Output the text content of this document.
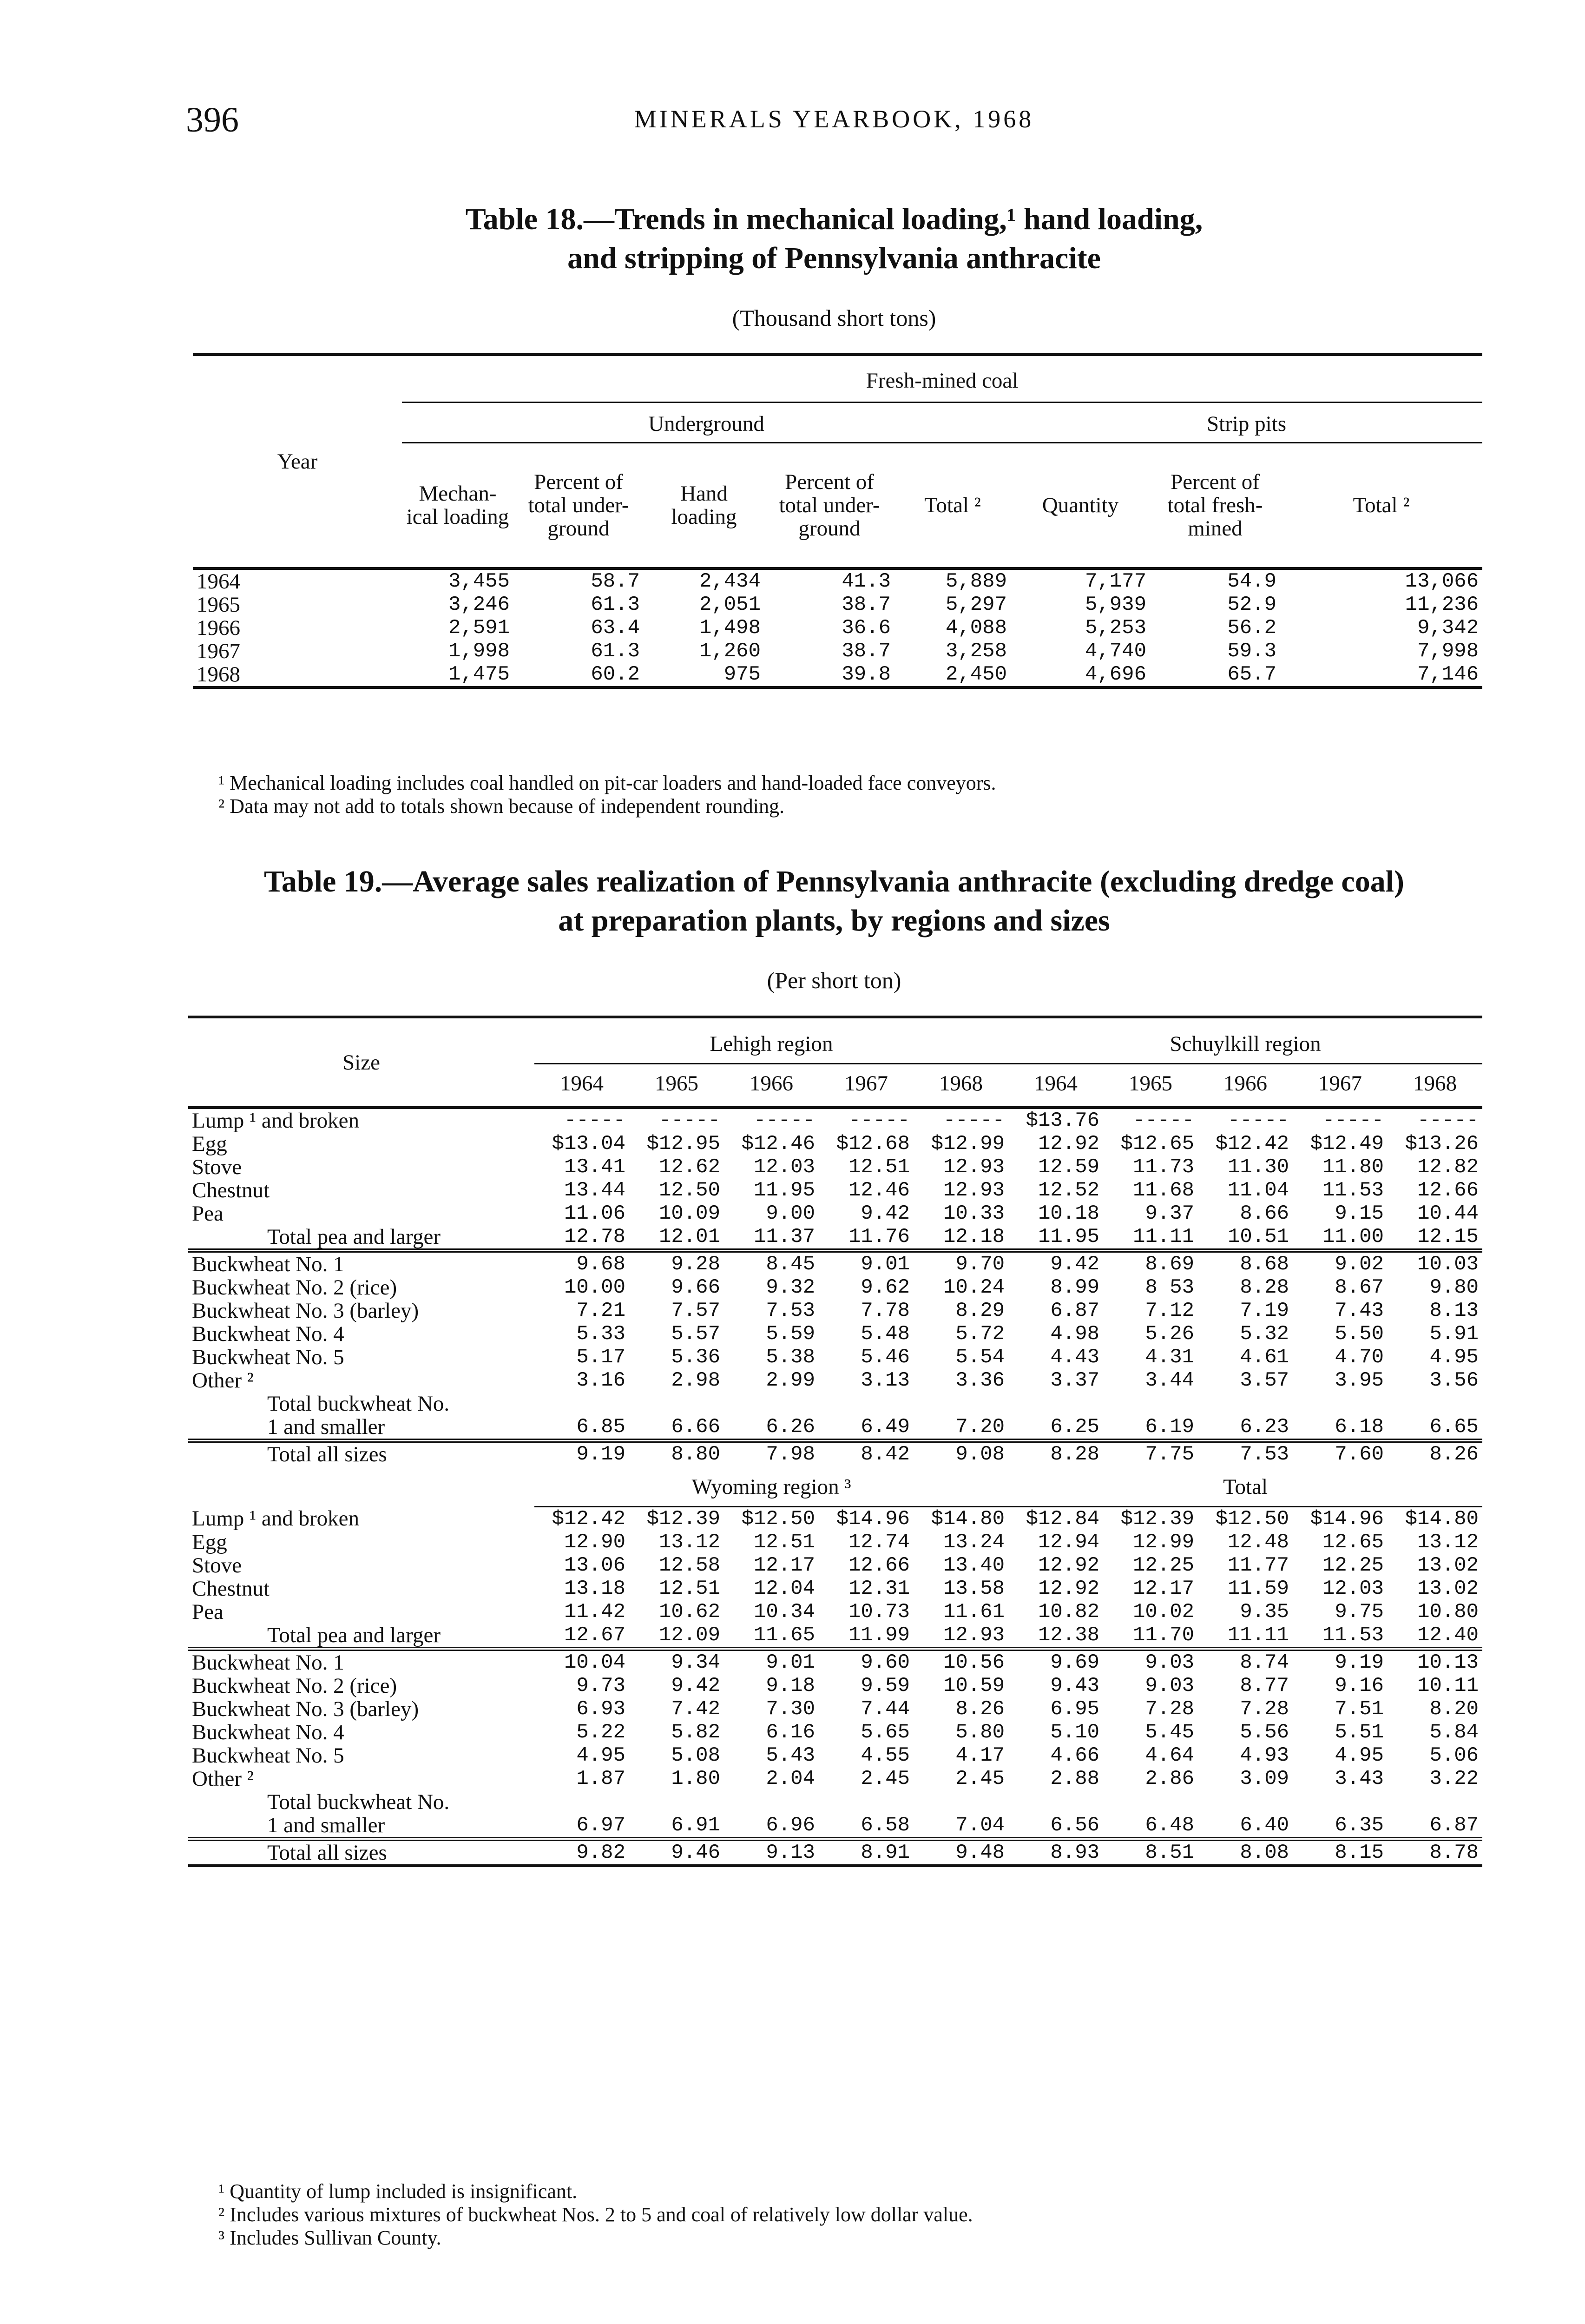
396	MINERALS YEARBOOK, 1968
Table 18.—Trends in mechanical loading,¹ hand loading,
and stripping of Pennsylvania anthracite
(Thousand short tons)
Year	Fresh-mined coal							
	Underground					Strip pits		
	Mechan- ical loading	Percent of total under- ground	Hand loading	Percent of total under- ground	Total ²	Quantity	Percent of total fresh- mined	Total ²
1964	3,455	58.7	2,434	41.3	5,889	7,177	54.9	13,066
1965	3,246	61.3	2,051	38.7	5,297	5,939	52.9	11,236
1966	2,591	63.4	1,498	36.6	4,088	5,253	56.2	9,342
1967	1,998	61.3	1,260	38.7	3,258	4,740	59.3	7,998
1968	1,475	60.2	975	39.8	2,450	4,696	65.7	7,146
¹ Mechanical loading includes coal handled on pit-car loaders and hand-loaded face conveyors.
² Data may not add to totals shown because of independent rounding.
Table 19.—Average sales realization of Pennsylvania anthracite (excluding dredge coal)
at preparation plants, by regions and sizes
(Per short ton)
Size	Lehigh region					Schuylkill region				
	1964	1965	1966	1967	1968	1964	1965	1966	1967	1968
Lump ¹ and broken	-----	-----	-----	-----	-----	$13.76	-----	-----	-----	-----
Egg	$13.04	$12.95	$12.46	$12.68	$12.99	12.92	$12.65	$12.42	$12.49	$13.26
Stove	13.41	12.62	12.03	12.51	12.93	12.59	11.73	11.30	11.80	12.82
Chestnut	13.44	12.50	11.95	12.46	12.93	12.52	11.68	11.04	11.53	12.66
Pea	11.06	10.09	9.00	9.42	10.33	10.18	9.37	8.66	9.15	10.44
Total pea and larger	12.78	12.01	11.37	11.76	12.18	11.95	11.11	10.51	11.00	12.15
Buckwheat No. 1	9.68	9.28	8.45	9.01	9.70	9.42	8.69	8.68	9.02	10.03
Buckwheat No. 2 (rice)	10.00	9.66	9.32	9.62	10.24	8.99	8 53	8.28	8.67	9.80
Buckwheat No. 3 (barley)	7.21	7.57	7.53	7.78	8.29	6.87	7.12	7.19	7.43	8.13
Buckwheat No. 4	5.33	5.57	5.59	5.48	5.72	4.98	5.26	5.32	5.50	5.91
Buckwheat No. 5	5.17	5.36	5.38	5.46	5.54	4.43	4.31	4.61	4.70	4.95
Other ²	3.16	2.98	2.99	3.13	3.36	3.37	3.44	3.57	3.95	3.56
Total buckwheat No.										
1 and smaller	6.85	6.66	6.26	6.49	7.20	6.25	6.19	6.23	6.18	6.65
Total all sizes	9.19	8.80	7.98	8.42	9.08	8.28	7.75	7.53	7.60	8.26
	Wyoming region ³					Total				
Lump ¹ and broken	$12.42	$12.39	$12.50	$14.96	$14.80	$12.84	$12.39	$12.50	$14.96	$14.80
Egg	12.90	13.12	12.51	12.74	13.24	12.94	12.99	12.48	12.65	13.12
Stove	13.06	12.58	12.17	12.66	13.40	12.92	12.25	11.77	12.25	13.02
Chestnut	13.18	12.51	12.04	12.31	13.58	12.92	12.17	11.59	12.03	13.02
Pea	11.42	10.62	10.34	10.73	11.61	10.82	10.02	9.35	9.75	10.80
Total pea and larger	12.67	12.09	11.65	11.99	12.93	12.38	11.70	11.11	11.53	12.40
Buckwheat No. 1	10.04	9.34	9.01	9.60	10.56	9.69	9.03	8.74	9.19	10.13
Buckwheat No. 2 (rice)	9.73	9.42	9.18	9.59	10.59	9.43	9.03	8.77	9.16	10.11
Buckwheat No. 3 (barley)	6.93	7.42	7.30	7.44	8.26	6.95	7.28	7.28	7.51	8.20
Buckwheat No. 4	5.22	5.82	6.16	5.65	5.80	5.10	5.45	5.56	5.51	5.84
Buckwheat No. 5	4.95	5.08	5.43	4.55	4.17	4.66	4.64	4.93	4.95	5.06
Other ²	1.87	1.80	2.04	2.45	2.45	2.88	2.86	3.09	3.43	3.22
Total buckwheat No.										
1 and smaller	6.97	6.91	6.96	6.58	7.04	6.56	6.48	6.40	6.35	6.87
Total all sizes	9.82	9.46	9.13	8.91	9.48	8.93	8.51	8.08	8.15	8.78
¹ Quantity of lump included is insignificant.
² Includes various mixtures of buckwheat Nos. 2 to 5 and coal of relatively low dollar value.
³ Includes Sullivan County.
